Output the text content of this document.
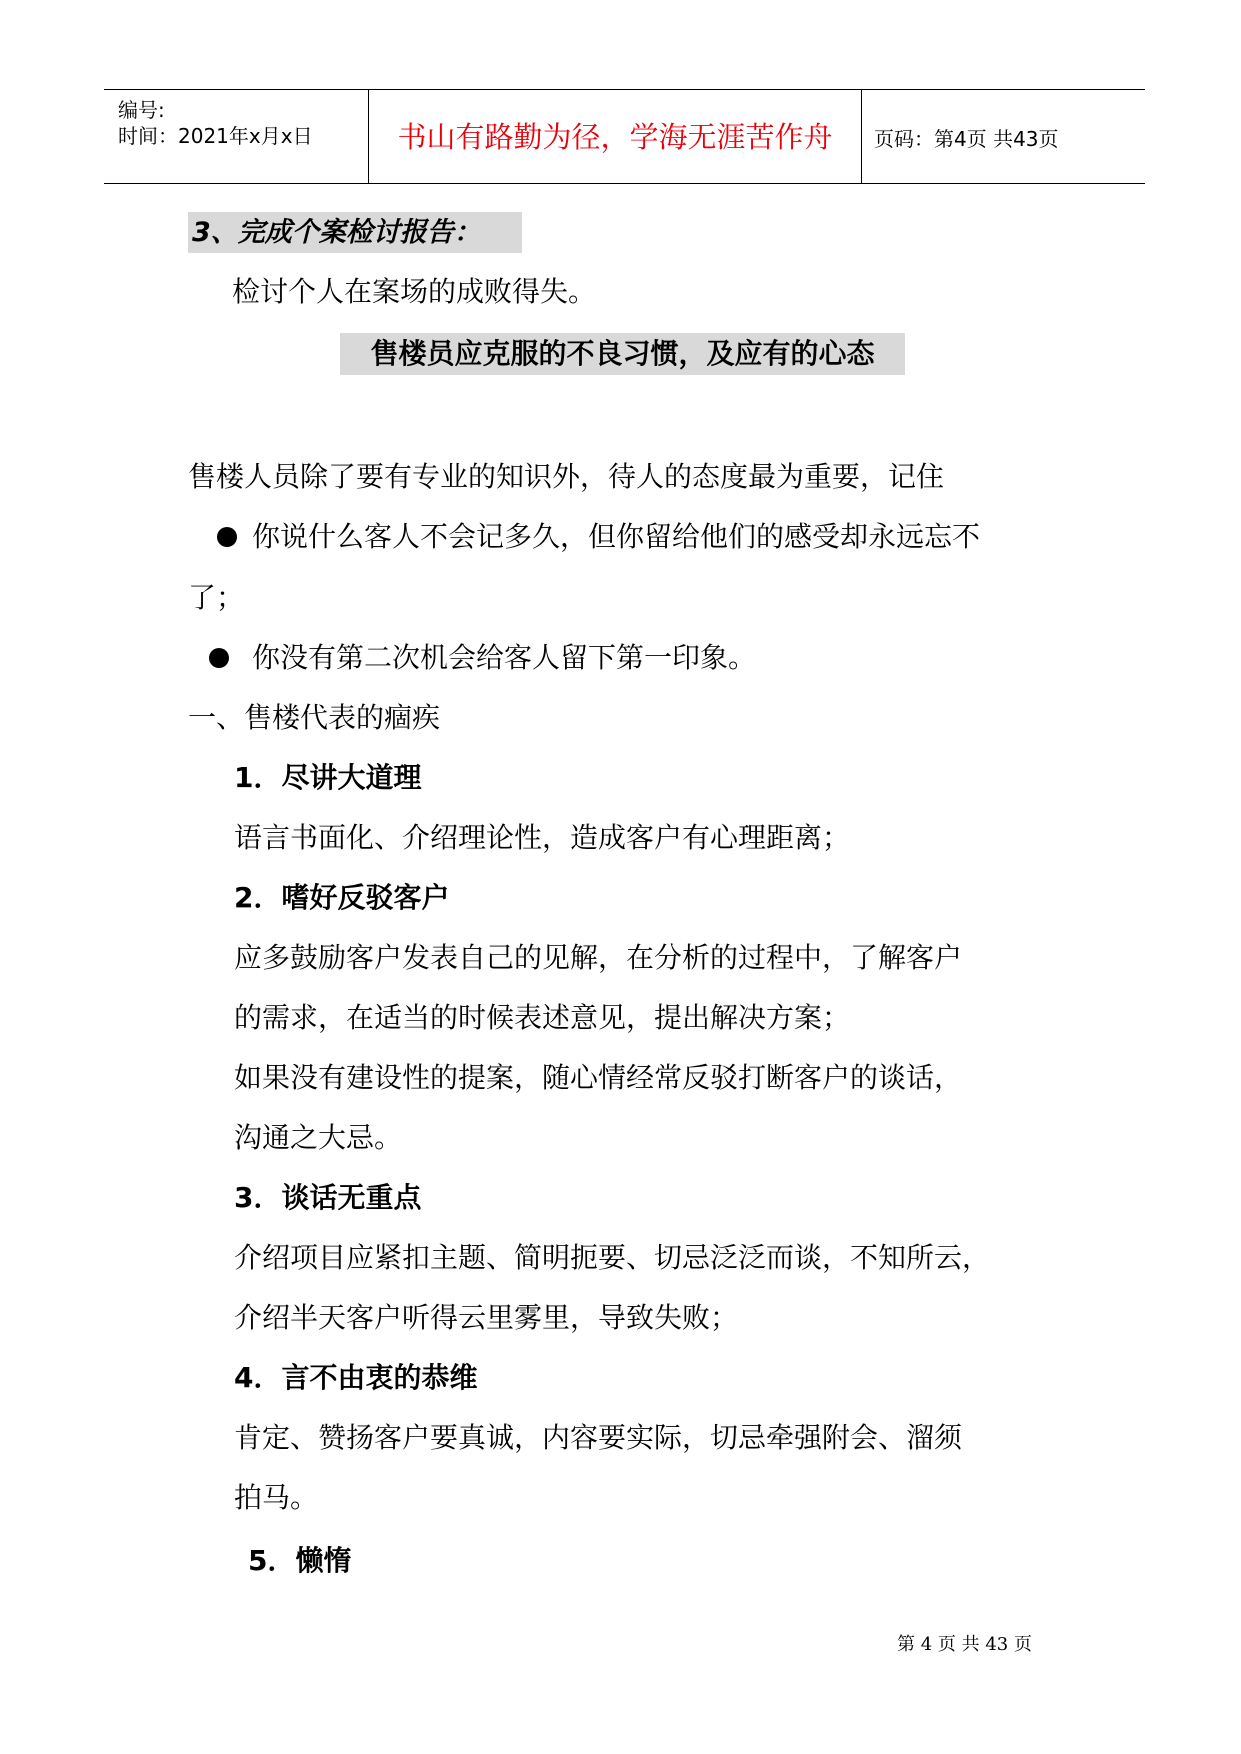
编号:
时间：2021年x月x日	书山有路勤为径，学海无涯苦作舟	页码：第4页 共43页
3、完成个案检讨报告：
检讨个人在案场的成败得失。
售楼员应克服的不良习惯，及应有的心态
售楼人员除了要有专业的知识外，待人的态度最为重要，记住
你说什么客人不会记多久，但你留给他们的感受却永远忘不
了；
你没有第二次机会给客人留下第一印象。
一、售楼代表的痼疾
1．尽讲大道理
语言书面化、介绍理论性，造成客户有心理距离；
2．嗜好反驳客户
应多鼓励客户发表自己的见解，在分析的过程中，了解客户
的需求，在适当的时候表述意见，提出解决方案；
如果没有建设性的提案，随心情经常反驳打断客户的谈话，
沟通之大忌。
3．谈话无重点
介绍项目应紧扣主题、简明扼要、切忌泛泛而谈，不知所云，
介绍半天客户听得云里雾里，导致失败；
4．言不由衷的恭维
肯定、赞扬客户要真诚，内容要实际，切忌牵强附会、溜须
拍马。
5．懒惰
第 4 页 共 43 页
